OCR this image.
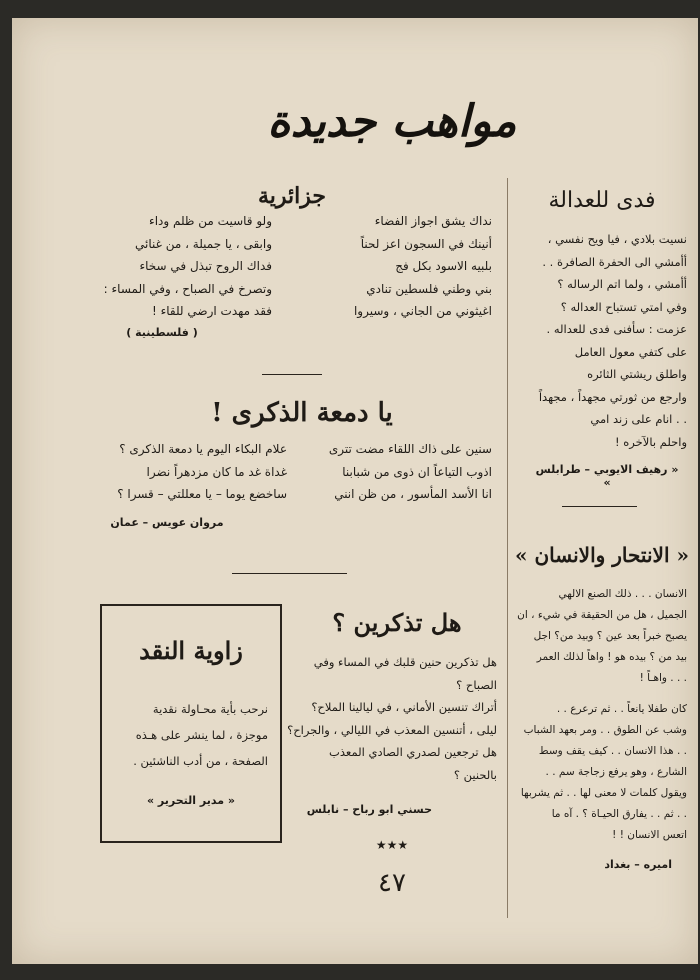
مواهب جديدة
فدى للعدالة
نسيت بلادي ، فيا ويح نفسي ،
أأمشي الى الحفرة الصافرة . .
أأمشي ، ولما اتم الرساله ؟
وفي امتي تستباح العداله ؟
عزمت : سأفنى فدى للعداله .
على كتفي معول العامل
واطلق ريشتي الثائره
وارجع من ثورتي مجهداً ، مجهداً
. . انام على زند امي
واحلم بالآخره !
« رهيف الايوبي – طرابلس »
« الانتحار والانسان »
الانسان . . . ذلك الصنع الالهي
الجميل ، هل من الحقيقة في شيء ، ان
يصبح خبراً بعد عين ؟ وبيد من؟ اجل
بيد من ؟ بيده هو ! واهاً لذلك العمر
. . . واهـاً !
كان طفلا يانعاً . . ثم ترعرع . .
وشب عن الطوق . . ومر بعهد الشباب
. . هذا الانسان . . كيف يقف وسط
الشارع ، وهو يرفع زجاجة سم . .
ويقول كلمات لا معنى لها . . ثم يشربها
. . ثم . . يفارق الحيـاة ؟ . آه ما
اتعس الانسان ! !
اميره – بغداد
جزائرية
نداك يشق اجواز الفضاء
أنينك في السجون اعز لحناً
بلبيه الاسود بكل فج
بني وطني فلسطين تنادي
اغيثوني من الجاني ، وسيروا
ولو قاسيت من ظلم وداء
وابقى ، يا جميلة ، من غنائي
فداك الروح تبذل في سخاء
وتصرخ في الصباح ، وفي المساء :
فقد مهدت ارضي للقاء !
( فلسطينية )
يا دمعة الذكرى !
سنين على ذاك اللقاء مضت تترى
اذوب التياعاً ان ذوى من شبابنا
انا الأسد المأسور ، من ظن انني
علام البكاء اليوم يا دمعة الذكرى ؟
غداة غد ما كان مزدهراً نضرا
ساخضع يوما – يا معللتي – قسرا ؟
مروان عويس – عمان
هل تذكرين ؟
هل تذكرين حنين قلبك في المساء وفي
الصباح ؟
أتراك تنسين الأماني ، في ليالينا الملاح؟
ليلى ، أتنسين المعذب في الليالي ، والجراح؟
هل ترجعين لصدري الصادي المعذب
بالحنين ؟
حسني ابو رباح – نابلس
★★★
زاوية النقد
نرحب بأية محـاولة نقدية
موجزة ، لما ينشر على هـذه
الصفحة ، من أدب الناشئين .
« مدير التحرير »
٤٧
